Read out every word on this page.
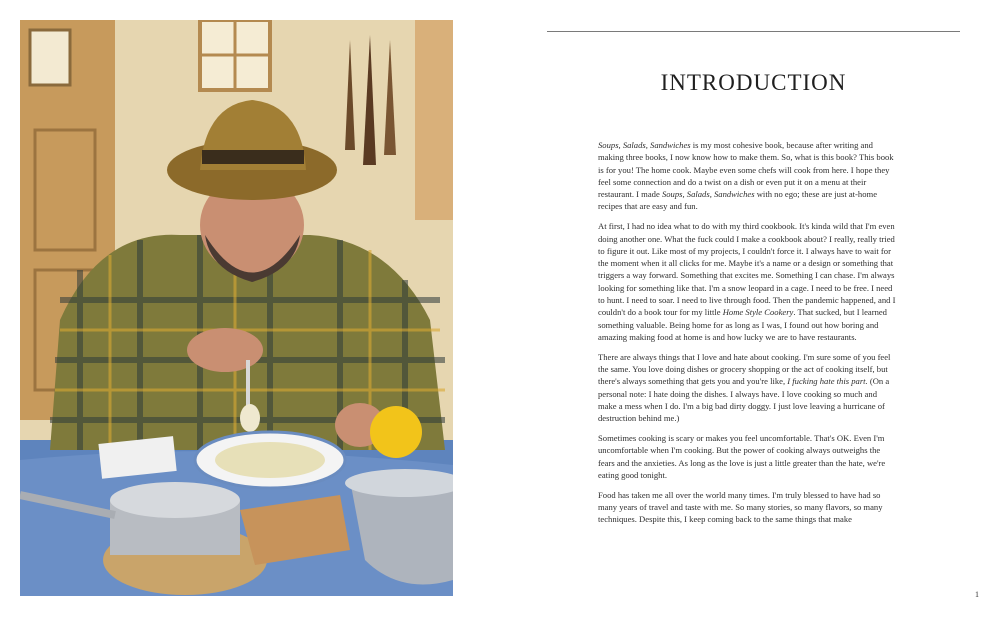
INTRODUCTION

Soups, Salads, Sandwiches is my most cohesive book, because after writing and making three books, I now know how to make them. So, what is this book? This book is for you! The home cook. Maybe even some chefs will cook from here. I hope they feel some connection and do a twist on a dish or even put it on a menu at their restaurant. I made Soups, Salads, Sandwiches with no ego; these are just at-home recipes that are easy and fun.

At first, I had no idea what to do with my third cookbook. It's kinda wild that I'm even doing another one. What the fuck could I make a cookbook about? I really, really tried to figure it out. Like most of my projects, I couldn't force it. I always have to wait for the moment when it all clicks for me. Maybe it's a name or a design or something that triggers a way forward. Something that excites me. Something I can chase. I'm always looking for something like that. I'm a snow leopard in a cage. I need to be free. I need to hunt. I need to soar. I need to live through food. Then the pandemic happened, and I couldn't do a book tour for my little Home Style Cookery. That sucked, but I learned something valuable. Being home for as long as I was, I found out how boring and amazing making food at home is and how lucky we are to have restaurants.

There are always things that I love and hate about cooking. I'm sure some of you feel the same. You love doing dishes or grocery shopping or the act of cooking itself, but there's always something that gets you and you're like, I fucking hate this part. (On a personal note: I hate doing the dishes. I always have. I love cooking so much and make a mess when I do. I'm a big bad dirty doggy. I just love leaving a hurricane of destruction behind me.)

Sometimes cooking is scary or makes you feel uncomfortable. That's OK. Even I'm uncomfortable when I'm cooking. But the power of cooking always outweighs the fears and the anxieties. As long as the love is just a little greater than the hate, we're eating good tonight.

Food has taken me all over the world many times. I'm truly blessed to have had so many years of travel and taste with me. So many stories, so many flavors, so many techniques. Despite this, I keep coming back to the same things that make

1
